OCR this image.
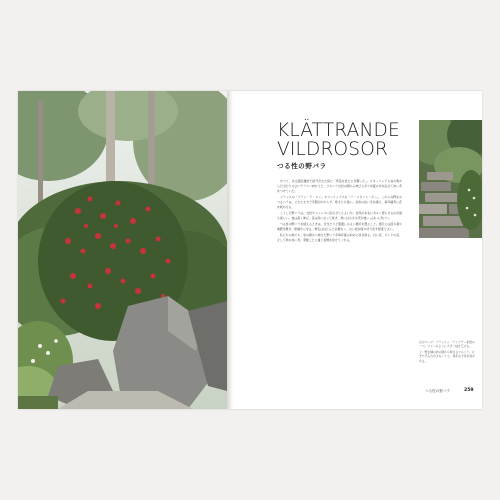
KLÄTTRANDE
VILDROSOR
つる性の野バラ

かつて、ある園芸雑誌で紹介された庭に「育苗を見たとき驚いた」。スキーリンドル谷の奥から日当たりのよいテラスへ向かうと、ツルバラが岩の間から伸び上がり初夏の光を浴びて赤い実をつけていた。

フランスの「ブラン・ド・ロン」やフィリップスの「ラ・スタンス・ポー」。これらの野生のつるバラは、どれも丈夫で手間がかからず、寒さにも強い。北欧の長い冬を越え、毎年確実に花を咲かせる。

こうした野バラは、支柱やフェンスに沿わせてもよいが、自然のままに木々へ登らせるのが最も美しい。枝は高く伸び、花は房になって咲き、秋には小さな実が枝いっぱいに色づく。

つる性の野バラを植えるときは、日当たりと風通しのよい場所を選ぶこと。根元には落ち葉や堆肥を敷き、乾燥から守る。剪定はほとんど必要なく、古い枝を時々切り戻す程度でよい。

私たちの庭でも、岩の間から伸びた野バラが毎年夏の初めに咲き誇る。白い花、ピンクの花、そして秋の赤い実。季節ごとに違う表情を見せてくれる。

左のページ：ブラッシュ・ランブラー系統の一つ。ツリーのように大きく枝を広げる。

上：野生種の岩の間から伸びるツルバラ。丈夫で手入れが少なくても、毎年必ず花を咲かせる。

つる性の野バラ	259
